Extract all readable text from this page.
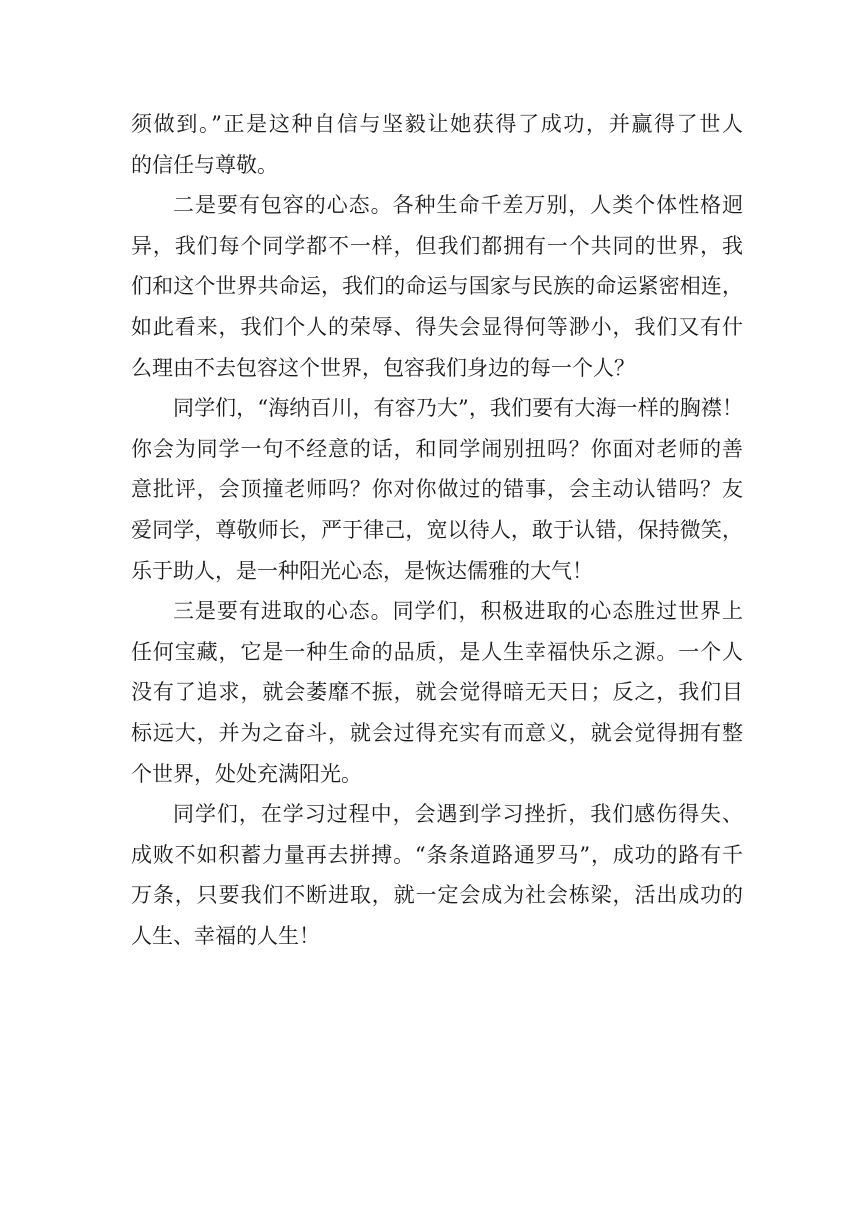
须做到。”正是这种自信与坚毅让她获得了成功，并赢得了世人
的信任与尊敬。
二是要有包容的心态。各种生命千差万别，人类个体性格迥
异，我们每个同学都不一样，但我们都拥有一个共同的世界，我
们和这个世界共命运，我们的命运与国家与民族的命运紧密相连，
如此看来，我们个人的荣辱、得失会显得何等渺小，我们又有什
么理由不去包容这个世界，包容我们身边的每一个人？
同学们，“海纳百川，有容乃大”，我们要有大海一样的胸襟！
你会为同学一句不经意的话，和同学闹别扭吗？你面对老师的善
意批评，会顶撞老师吗？你对你做过的错事，会主动认错吗？友
爱同学，尊敬师长，严于律己，宽以待人，敢于认错，保持微笑，
乐于助人，是一种阳光心态，是恢达儒雅的大气！
三是要有进取的心态。同学们，积极进取的心态胜过世界上
任何宝藏，它是一种生命的品质，是人生幸福快乐之源。一个人
没有了追求，就会萎靡不振，就会觉得暗无天日；反之，我们目
标远大，并为之奋斗，就会过得充实有而意义，就会觉得拥有整
个世界，处处充满阳光。
同学们，在学习过程中，会遇到学习挫折，我们感伤得失、
成败不如积蓄力量再去拼搏。“条条道路通罗马”，成功的路有千
万条，只要我们不断进取，就一定会成为社会栋梁，活出成功的
人生、幸福的人生！
